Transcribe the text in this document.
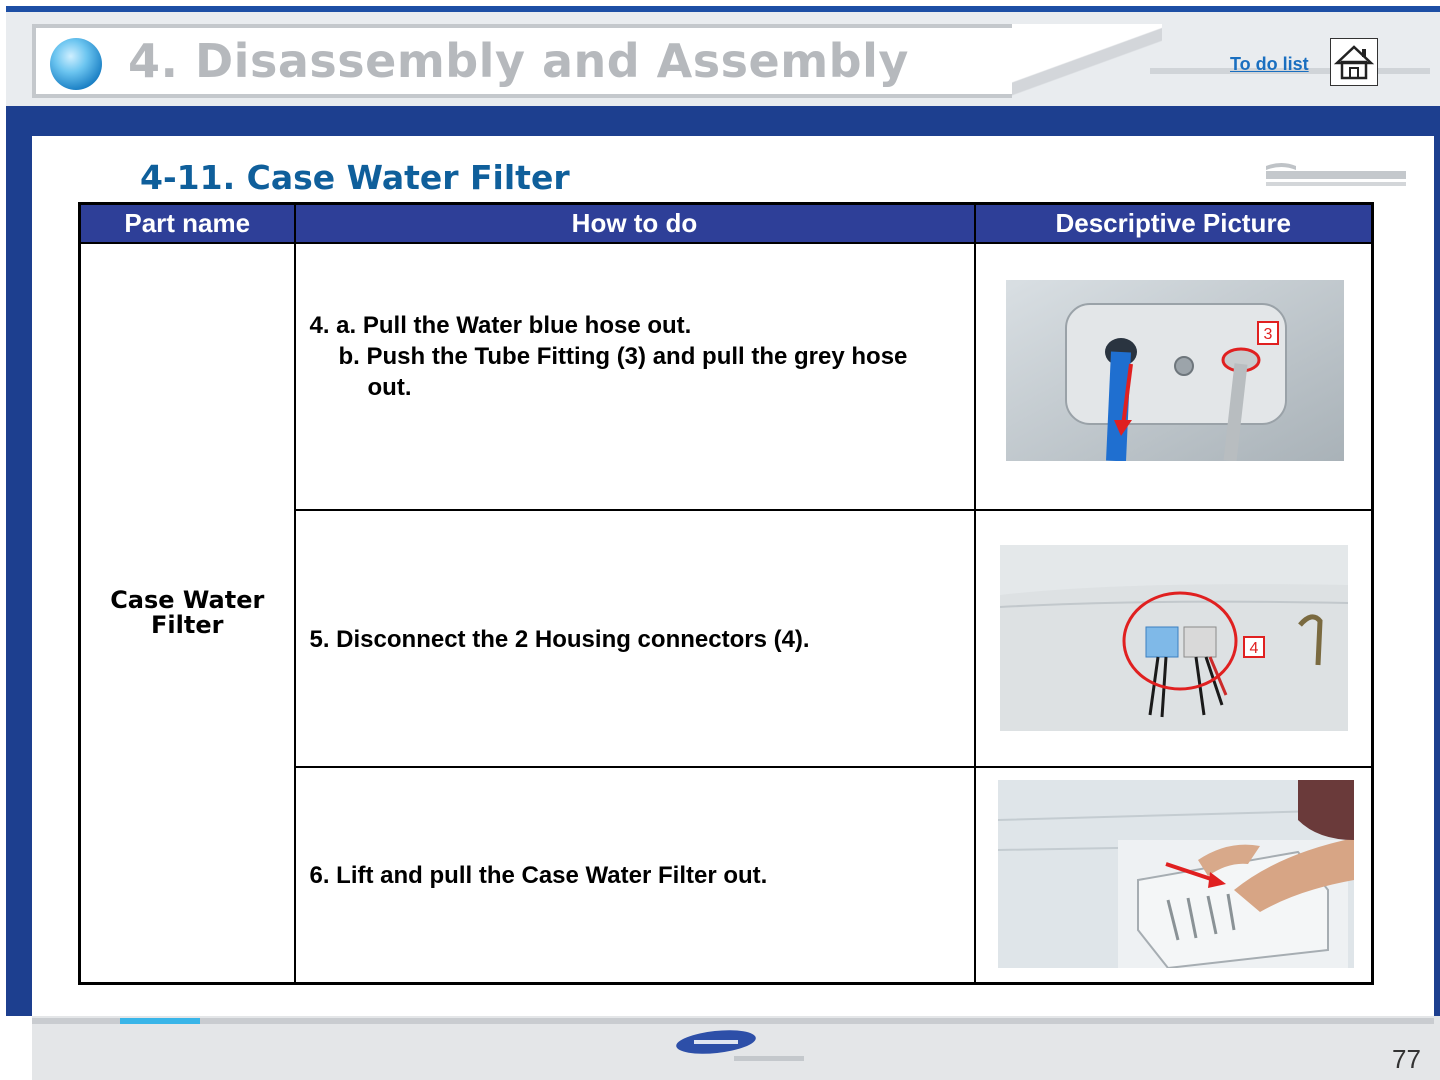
4. Disassembly and Assembly	To do list
4-11. Case Water Filter
Part name	How to do	Descriptive Picture

Case Water Filter	4. a. Pull the Water blue hose out.
b. Push the Tube Fitting (3) and pull the grey hose
out.	3

	5. Disconnect the 2 Housing connectors (4).	4

	6. Lift and pull the Case Water Filter out.

77
